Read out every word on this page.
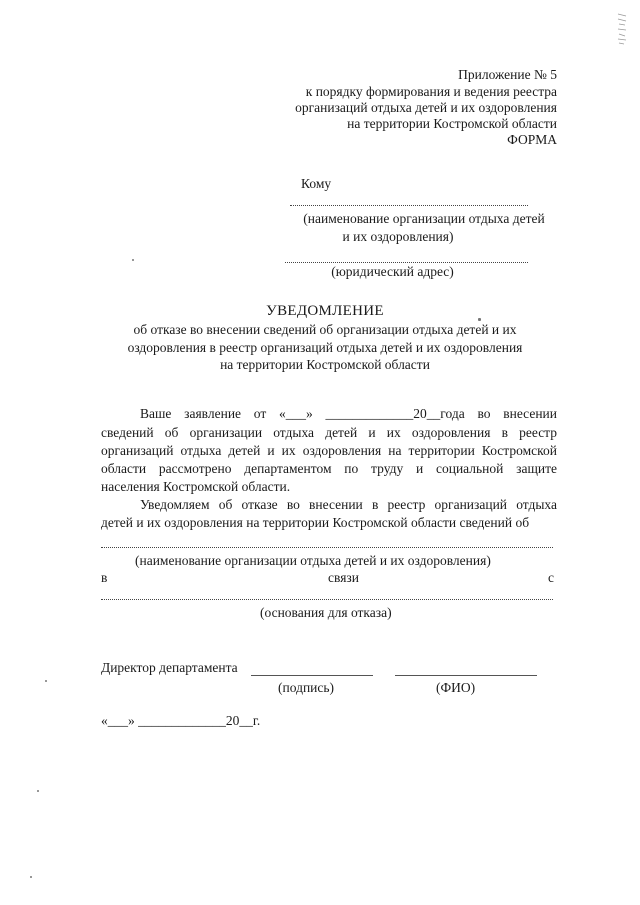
Приложение № 5
к порядку формирования и ведения реестра
организаций отдыха детей и их оздоровления
на территории Костромской области
ФОРМА
Кому
(наименование организации отдыха детей
и их оздоровления)
(юридический адрес)
УВЕДОМЛЕНИЕ
об отказе во внесении сведений об организации отдыха детей и их
оздоровления в реестр организаций отдыха детей и их оздоровления
на территории Костромской области
Ваше заявление от «___» _____________20__года во внесении
сведений об организации отдыха детей и их оздоровления в реестр
организаций отдыха детей и их оздоровления на территории Костромской
области рассмотрено департаментом по труду и социальной защите
населения Костромской области.
Уведомляем об отказе во внесении в реестр организаций отдыха
детей и их оздоровления на территории Костромской области сведений об
(наименование организации отдыха детей и их оздоровления)
в	связи	с
(основания для отказа)
Директор департамента
(подпись)	(ФИО)
«___» _____________20__г.
